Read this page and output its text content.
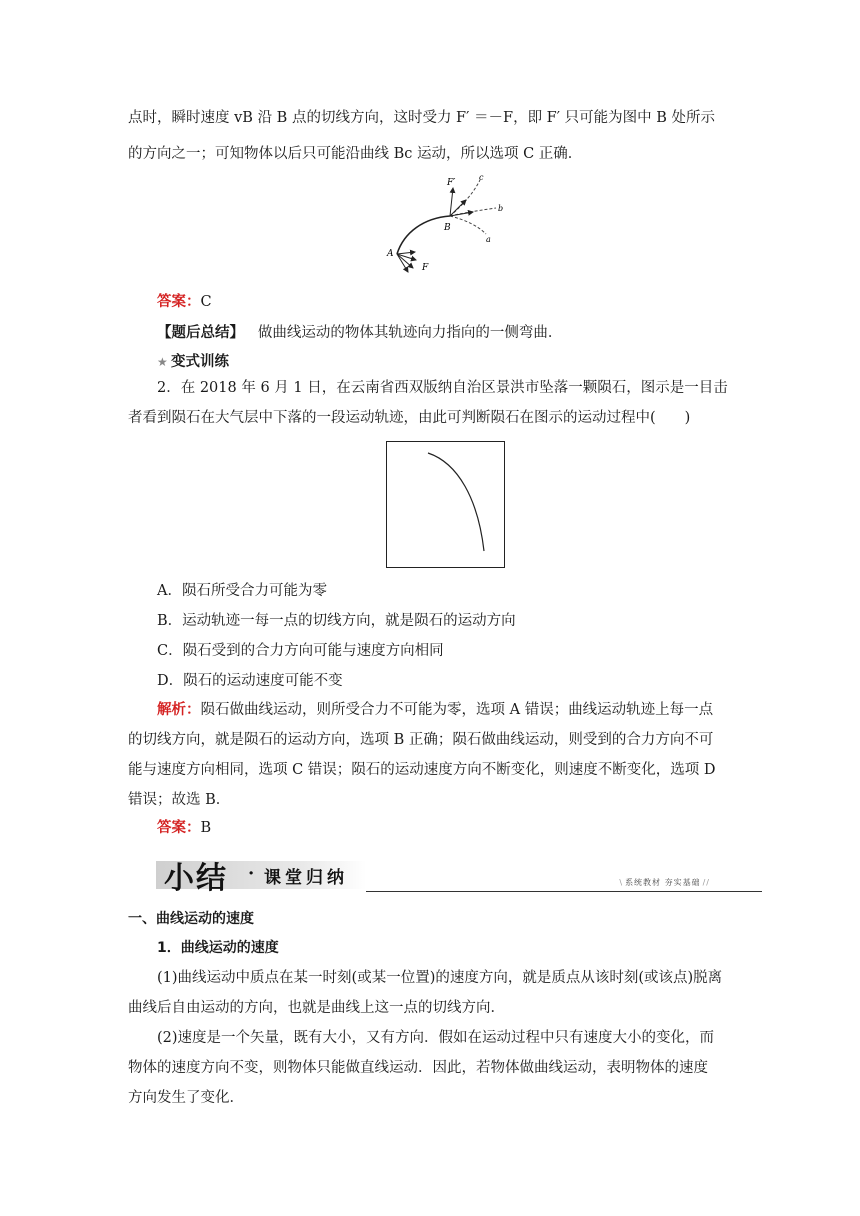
点时，瞬时速度 vB 沿 B 点的切线方向，这时受力 F′ ＝－F，即 F′ 只可能为图中 B 处所示
的方向之一；可知物体以后只可能沿曲线 Bc 运动，所以选项 C 正确．
F′
c
b
B
a
A
F
答案：C
【题后总结】 做曲线运动的物体其轨迹向力指向的一侧弯曲．
★ 变式训练
2．在 2018 年 6 月 1 日，在云南省西双版纳自治区景洪市坠落一颗陨石，图示是一目击
者看到陨石在大气层中下落的一段运动轨迹，由此可判断陨石在图示的运动过程中(　　)
A．陨石所受合力可能为零
B．运动轨迹一每一点的切线方向，就是陨石的运动方向
C．陨石受到的合力方向可能与速度方向相同
D．陨石的运动速度可能不变
解析：陨石做曲线运动，则所受合力不可能为零，选项 A 错误；曲线运动轨迹上每一点
的切线方向，就是陨石的运动方向，选项 B 正确；陨石做曲线运动，则受到的合力方向不可
能与速度方向相同，选项 C 错误；陨石的运动速度方向不断变化，则速度不断变化，选项 D
错误；故选 B．
答案：B
小结 · 课堂归纳
\	系统教材 夯实基础 //
一、曲线运动的速度
1．曲线运动的速度
(1)曲线运动中质点在某一时刻(或某一位置)的速度方向，就是质点从该时刻(或该点)脱离
曲线后自由运动的方向，也就是曲线上这一点的切线方向．
(2)速度是一个矢量，既有大小，又有方向．假如在运动过程中只有速度大小的变化，而
物体的速度方向不变，则物体只能做直线运动．因此，若物体做曲线运动，表明物体的速度
方向发生了变化．
